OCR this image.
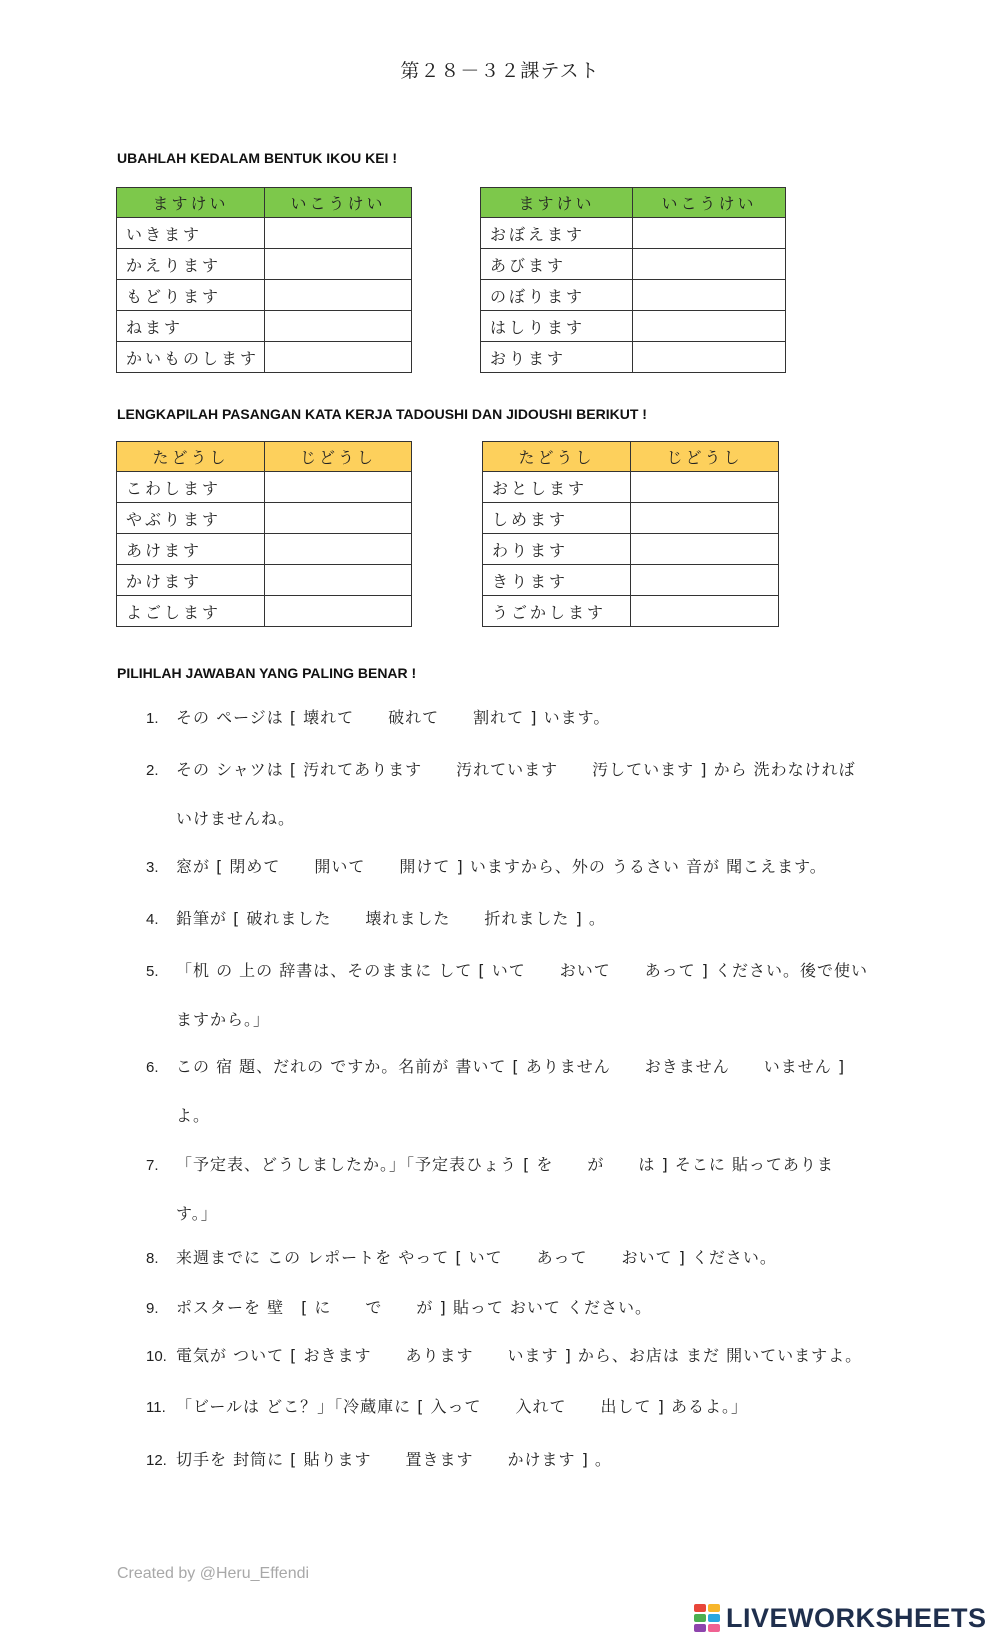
第２８－３２課テスト
UBAHLAH KEDALAM BENTUK IKOU KEI !
ますけい	いこうけい
いきます	
かえります	
もどります	
ねます	
かいものします	
ますけい	いこうけい
おぼえます	
あびます	
のぼります	
はしります	
おります	
LENGKAPILAH PASANGAN KATA KERJA TADOUSHI DAN JIDOUSHI BERIKUT !
たどうし	じどうし
こわします	
やぶります	
あけます	
かけます	
よごします	
たどうし	じどうし
おとします	
しめます	
わります	
きります	
うごかします	
PILIHLAH JAWABAN YANG PALING BENAR !
1. その ページは [ 壊れて　　破れて　　割れて ] います。
2. その シャツは [ 汚れてあります　　汚れています　　汚しています ] から 洗わなければ
いけませんね。
3. 窓が [ 閉めて　　開いて　　開けて ] いますから、外の うるさい 音が 聞こえます。
4. 鉛筆が [ 破れました　　壊れました　　折れました ] 。
5. 「机 の 上の 辞書は、そのままに して [ いて　　おいて　　あって ] ください。後で使い
ますから。」
6. この 宿 題、だれの ですか。名前が 書いて [ ありません　　おきません　　いません ]
よ。
7. 「予定表、どうしましたか。」「予定表ひょう [ を　　が　　は ] そこに 貼ってありま
す。」
8. 来週までに この レポートを やって [ いて　　あって　　おいて ] ください。
9. ポスターを 壁　[ に　　で　　が ] 貼って おいて ください。
10. 電気が ついて [ おきます　　あります　　います ] から、お店は まだ 開いていますよ。
11. 「ビールは どこ？」「冷蔵庫に [ 入って　　入れて　　出して ] あるよ。」
12. 切手を 封筒に [ 貼ります　　置きます　　かけます ] 。
Created by @Heru_Effendi
LIVEWORKSHEETS
